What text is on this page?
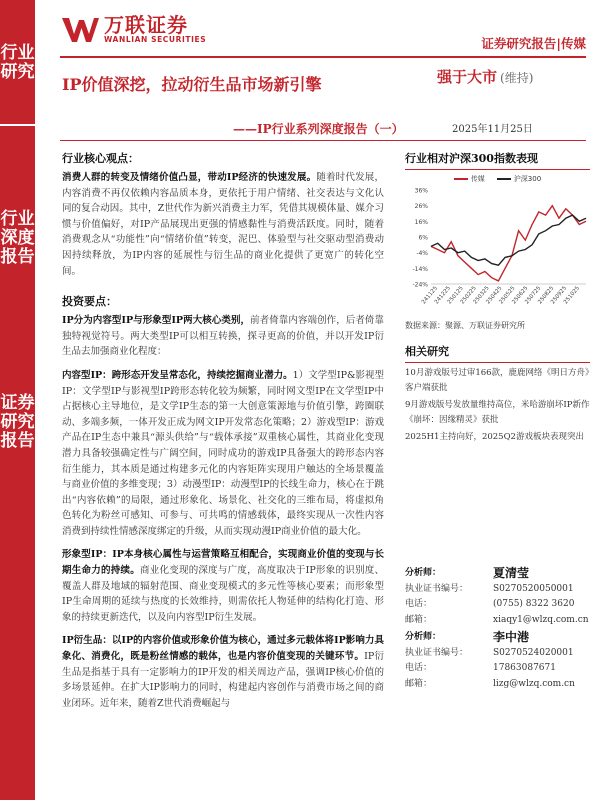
行业研究
行业深度报告
证券研究报告
万联证券
WANLIAN SECURITIES	证券研究报告|传媒
IP价值深挖，拉动衍生品市场新引擎
——IP行业系列深度报告（一）
强于大市 (维持)
2025年11月25日
行业核心观点：
消费人群的转变及情绪价值凸显，带动IP经济的快速发展。随着时代发展，内容消费不再仅依赖内容品质本身，更依托于用户情绪、社交表达与文化认同的复合动因。其中，Z世代作为新兴消费主力军，凭借其规模体量、媒介习惯与价值偏好，对IP产品展现出更强的情感黏性与消费活跃度。同时，随着消费观念从“功能性”向“情绪价值”转变，泥巴、体验型与社交驱动型消费动因持续释放，为IP内容的延展性与衍生品的商业化提供了更宽广的转化空间。
投资要点：
IP分为内容型IP与形象型IP两大核心类别，前者倚靠内容端创作，后者倚靠独特视觉符号。两大类型IP可以相互转换，探寻更高的价值，并以开发IP衍生品去加强商业化程度：
内容型IP：跨形态开发呈常态化，持续挖掘商业潜力。1）文学型IP&影视型IP：文学型IP与影视型IP跨形态转化较为频繁，同时网文型IP在文学型IP中占据核心主导地位，是文学IP生态的第一大创意策源地与价值引擎，跨圈联动、多端多频，一体开发正成为网文IP开发常态化策略；2）游戏型IP：游戏产品在IP生态中兼具“源头供给”与“载体承接”双重核心属性，其商业化变现潜力具备较强确定性与广阔空间，同时成功的游戏IP具备强大的跨形态内容衍生能力，其本质是通过构建多元化的内容矩阵实现用户触达的全场景覆盖与商业价值的多维变现；3）动漫型IP：动漫型IP的长线生命力，核心在于跳出“内容依赖”的局限，通过形象化、场景化、社交化的三维布局，将虚拟角色转化为粉丝可感知、可参与、可共鸣的情感载体，最终实现从一次性内容消费到持续性情感深度绑定的升级，从而实现动漫IP商业价值的最大化。
形象型IP：IP本身核心属性与运营策略互相配合，实现商业价值的变现与长期生命力的持续。商业化变现的深度与广度，高度取决于IP形象的识别度、覆盖人群及地域的辐射范围、商业变现模式的多元性等核心要素；而形象型IP生命周期的延续与热度的长效维持，则需依托人物延伸的结构化打造、形象的持续更新迭代，以及向内容型IP衍生发展。
IP衍生品：以IP的内容价值或形象价值为核心，通过多元载体将IP影响力具象化、消费化，既是粉丝情感的载体，也是内容价值变现的关键环节。IP衍生品是指基于具有一定影响力的IP开发的相关周边产品，强调IP核心价值的多场景延伸。在扩大IP影响力的同时，构建起内容创作与消费市场之间的商业闭环。近年来，随着Z世代消费崛起与
行业相对沪深300指数表现
传媒	沪深300
36%
26%
16%
6%
-4%
-14%
-24%
241125
241225
250125
250225
250325
250425
250525
250625
250725
250825
250925
251025
数据来源：聚源、万联证券研究所
相关研究
10月游戏版号过审166款，鹿鹿网络《明日方舟》客户端获批
9月游戏版号发放量维持高位，米哈游崩坏IP新作《崩坏：因缘精灵》获批
2025H1主持向好，2025Q2游戏板块表现突出
分析师：	夏清莹
执业证书编号：	S0270520050001
电话：	(0755) 8322 3620
邮箱：	xiaqy1@wlzq.com.cn
分析师：	李中港
执业证书编号：	S0270524020001
电话：	17863087671
邮箱：	lizg@wlzq.com.cn
